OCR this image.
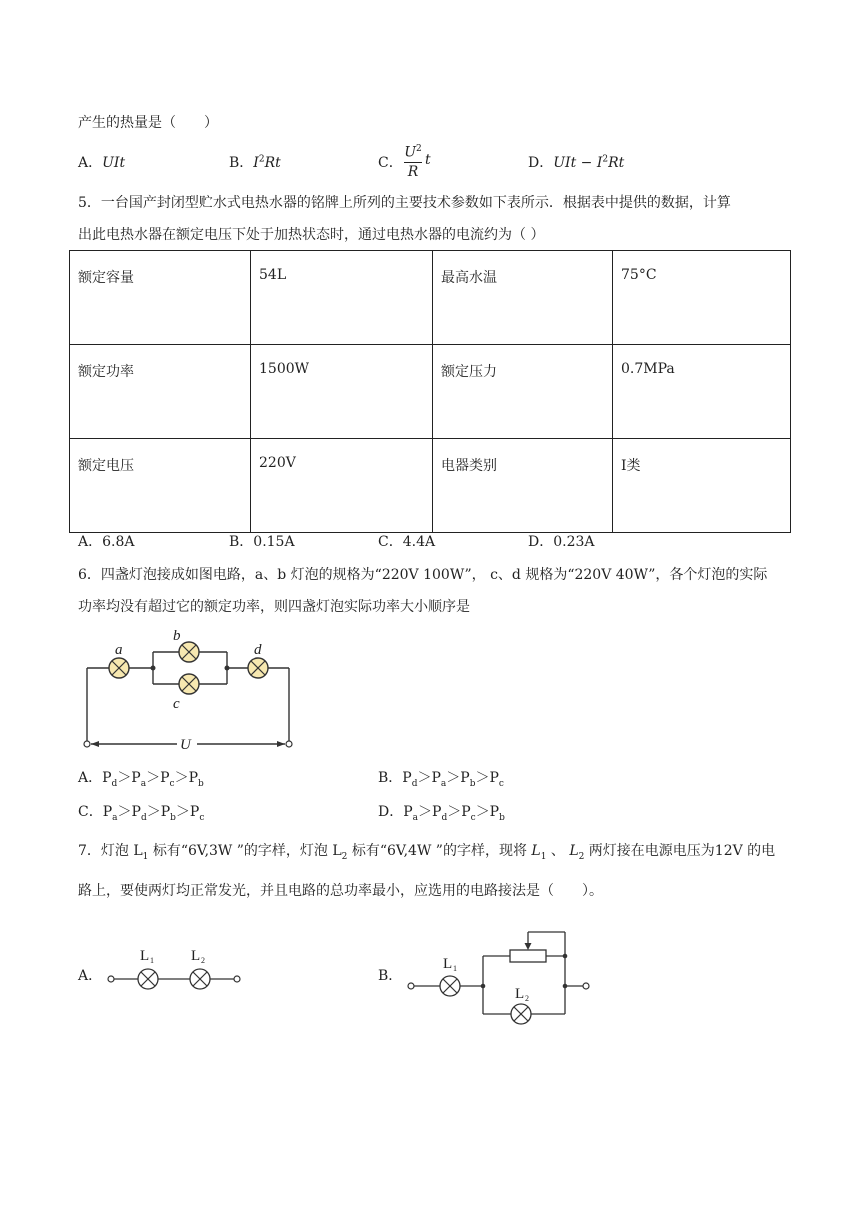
产生的热量是（　　）
A．UIt	B．$I^2Rt$	C．
$U^2$
R
t	D．UIt − $I^2Rt$
5．一台国产封闭型贮水式电热水器的铭牌上所列的主要技术参数如下表所示．根据表中提供的数据，计算
出此电热水器在额定电压下处于加热状态时，通过电热水器的电流约为（ ）
额定容量	54L	最高水温	75°C
额定功率	1500W	额定压力	0.7MPa
额定电压	220V	电器类别	I类
A．6.8A	B．0.15A	C．4.4A	D．0.23A
6．四盏灯泡接成如图电路，a、b 灯泡的规格为“220V 100W”， c、d 规格为“220V 40W”，各个灯泡的实际
功率均没有超过它的额定功率，则四盏灯泡实际功率大小顺序是
a
b
c
d
U
A．$P_d>P_a>P_c>P_b$	B．$P_d>P_a>P_b>P_c$
C．$P_a>P_d>P_b>P_c$	D．$P_a>P_d>P_c>P_b$
7．灯泡 $L_1$ 标有“6V,3W ”的字样，灯泡 $L_2$ 标有“6V,4W ”的字样，现将 $L_1$ 、 $L_2$ 两灯接在电源电压为12V 的电
路上，要使两灯均正常发光，并且电路的总功率最小，应选用的电路接法是（　　）。
A．
L 1 L 2
B．
L 1
L 2
